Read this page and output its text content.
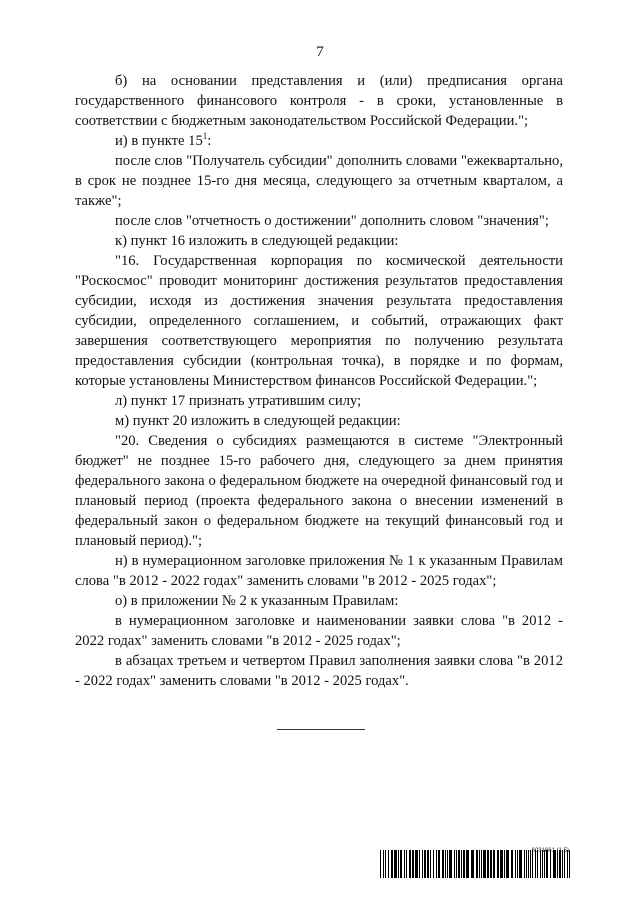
7

б) на основании представления и (или) предписания органа государственного финансового контроля - в сроки, установленные в соответствии с бюджетным законодательством Российской Федерации.";

и) в пункте $15^1$:

после слов "Получатель субсидии" дополнить словами "ежеквартально, в срок не позднее 15-го дня месяца, следующего за отчетным кварталом, а также";

после слов "отчетность о достижении" дополнить словом "значения";

к) пункт 16 изложить в следующей редакции:

"16. Государственная корпорация по космической деятельности "Роскосмос" проводит мониторинг достижения результатов предоставления субсидии, исходя из достижения значения результата предоставления субсидии, определенного соглашением, и событий, отражающих факт завершения соответствующего мероприятия по получению результата предоставления субсидии (контрольная точка), в порядке и по формам, которые установлены Министерством финансов Российской Федерации.";

л) пункт 17 признать утратившим силу;

м) пункт 20 изложить в следующей редакции:

"20. Сведения о субсидиях размещаются в системе "Электронный бюджет" не позднее 15-го рабочего дня, следующего за днем принятия федерального закона о федеральном бюджете на очередной финансовый год и плановый период (проекта федерального закона о внесении изменений в федеральный закон о федеральном бюджете на текущий финансовый год и плановый период).";

н) в нумерационном заголовке приложения № 1 к указанным Правилам слова "в 2012 - 2022 годах" заменить словами "в 2012 - 2025 годах";

о) в приложении № 2 к указанным Правилам:

в нумерационном заголовке и наименовании заявки слова "в 2012 - 2022 годах" заменить словами "в 2012 - 2025 годах";

в абзацах третьем и четвертом Правил заполнения заявки слова "в 2012 - 2022 годах" заменить словами "в 2012 - 2025 годах".

6031661
